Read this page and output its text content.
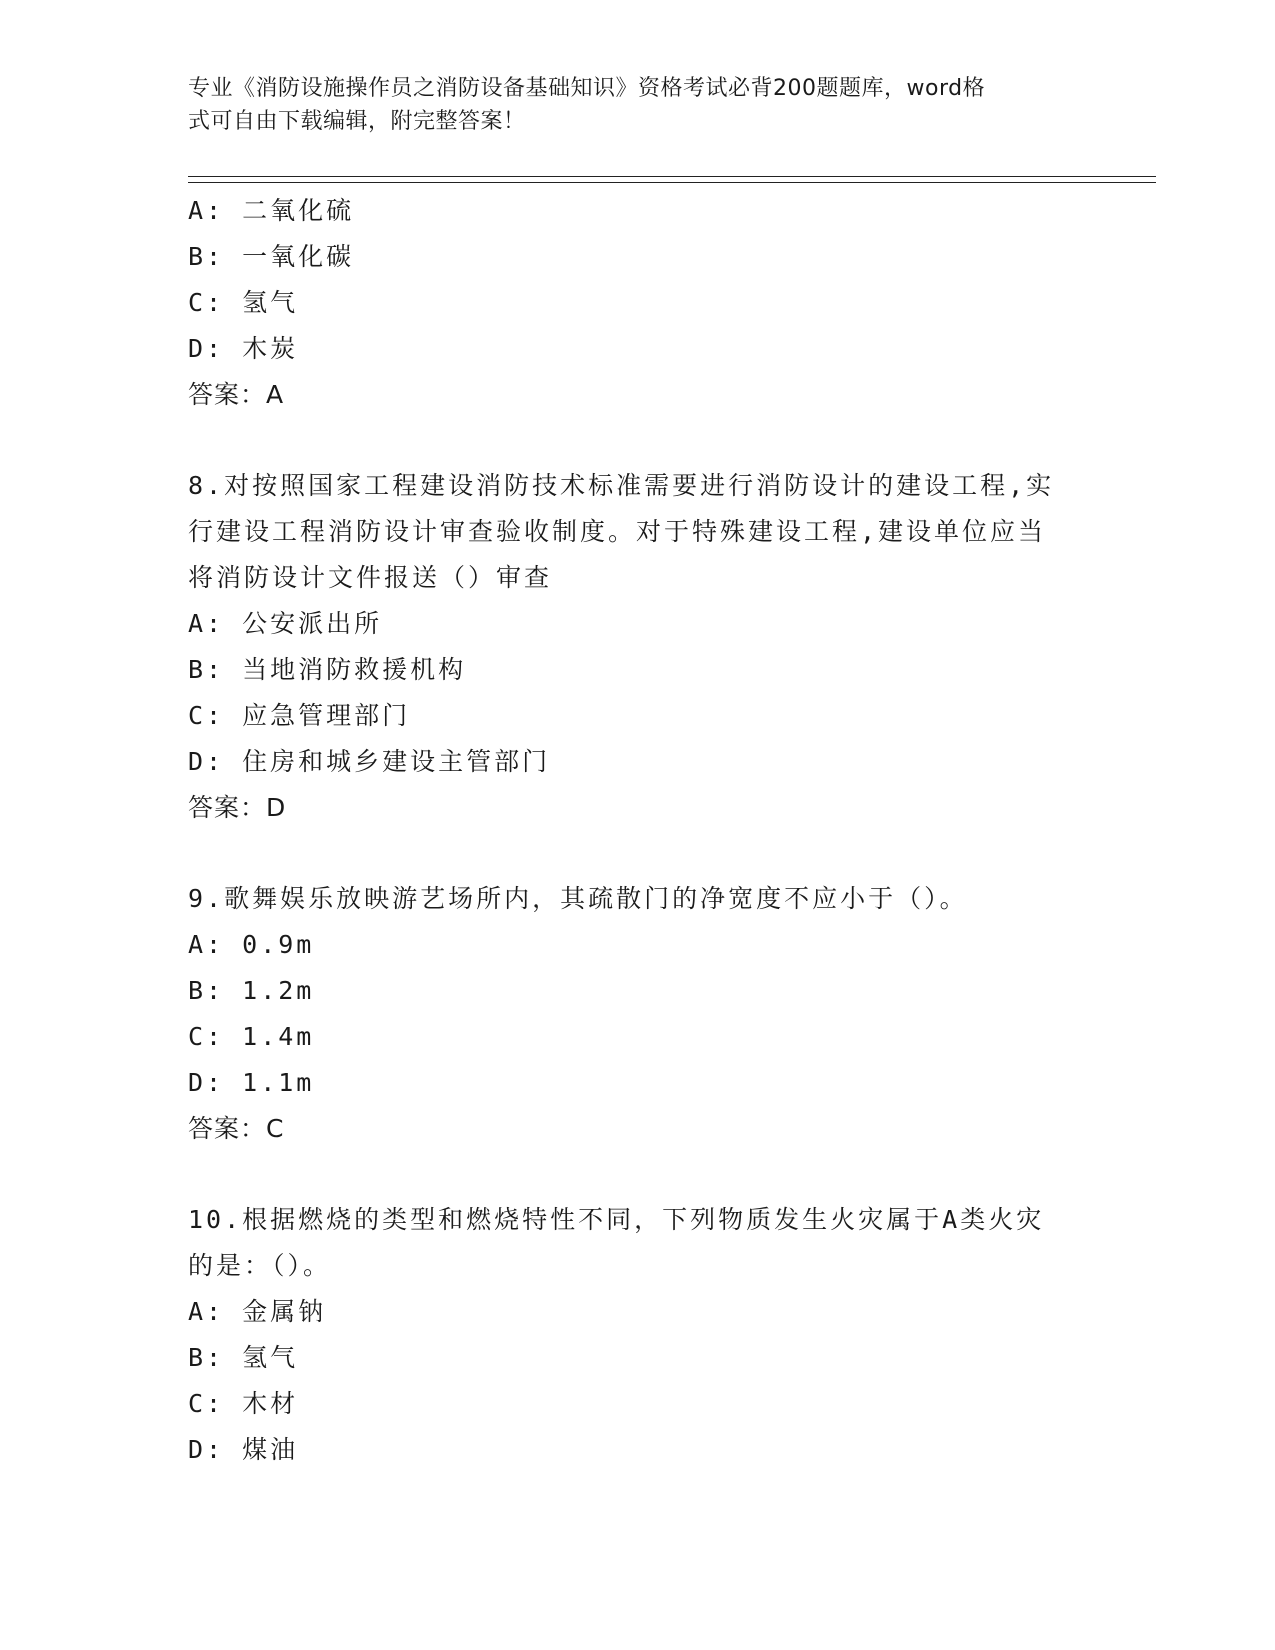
专业《消防设施操作员之消防设备基础知识》资格考试必背200题题库，word格
式可自由下载编辑，附完整答案！
A: 二氧化硫
B: 一氧化碳
C: 氢气
D: 木炭
答案：A
8.对按照国家工程建设消防技术标准需要进行消防设计的建设工程,实
行建设工程消防设计审查验收制度。对于特殊建设工程,建设单位应当
将消防设计文件报送（）审查
A: 公安派出所
B: 当地消防救援机构
C: 应急管理部门
D: 住房和城乡建设主管部门
答案：D
9.歌舞娱乐放映游艺场所内，其疏散门的净宽度不应小于（）。
A: 0.9m
B: 1.2m
C: 1.4m
D: 1.1m
答案：C
10.根据燃烧的类型和燃烧特性不同，下列物质发生火灾属于A类火灾
的是：（）。
A: 金属钠
B: 氢气
C: 木材
D: 煤油
